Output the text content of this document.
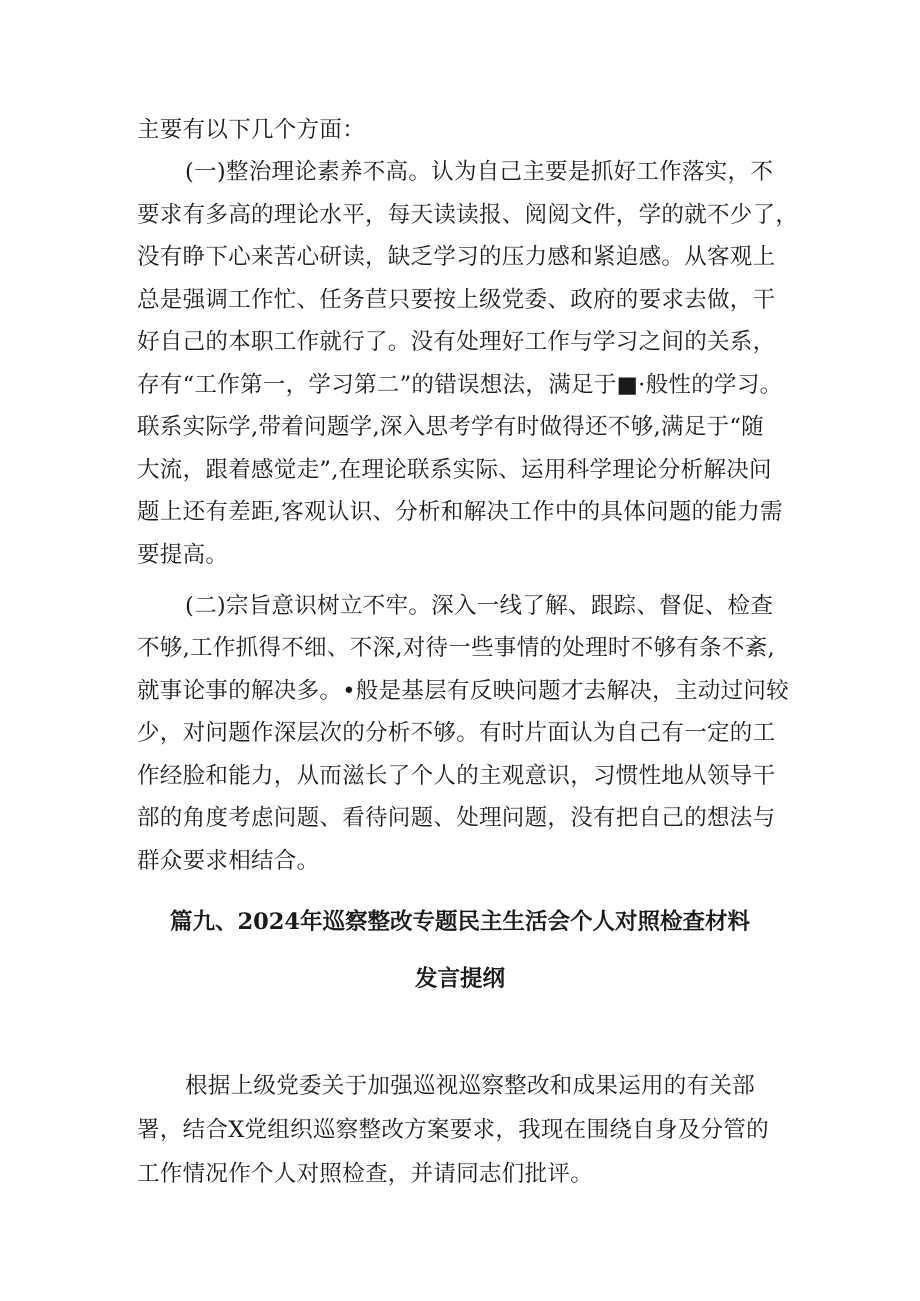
主要有以下几个方面：
(一)整治理论素养不高。认为自己主要是抓好工作落实，不
要求有多高的理论水平，每天读读报、阅阅文件，学的就不少了，
没有睁下心来苦心研读，缺乏学习的压力感和紧迫感。从客观上
总是强调工作忙、任务苣只要按上级党委、政府的要求去做，干
好自己的本职工作就行了。没有处理好工作与学习之间的关系，
存有“工作第一，学习第二”的错误想法，满足于■·般性的学习。
联系实际学,带着问题学,深入思考学有时做得还不够,满足于“随
大流，跟着感觉走”,在理论联系实际、运用科学理论分析解决问
题上还有差距,客观认识、分析和解决工作中的具体问题的能力需
要提高。
(二)宗旨意识树立不牢。深入一线了解、跟踪、督促、检查
不够,工作抓得不细、不深,对待一些事情的处理时不够有条不紊,
就事论事的解决多。•般是基层有反映问题才去解决，主动过问较
少，对问题作深层次的分析不够。有时片面认为自己有一定的工
作经脸和能力，从而滋长了个人的主观意识，习惯性地从领导干
部的角度考虑问题、看待问题、处理问题，没有把自己的想法与
群众要求相结合。
篇九、2024年巡察整改专题民主生活会个人对照检查材料
发言提纲
根据上级党委关于加强巡视巡察整改和成果运用的有关部
署，结合X党组织巡察整改方案要求，我现在围绕自身及分管的
工作情况作个人对照检查，并请同志们批评。
